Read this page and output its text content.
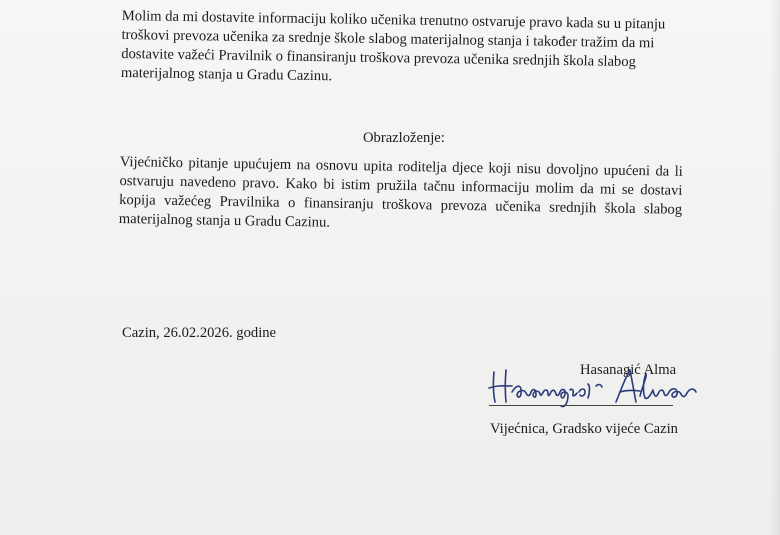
Molim da mi dostavite informaciju koliko učenika trenutno ostvaruje pravo kada su u pitanju troškovi prevoza učenika za srednje škole slabog materijalnog stanja i također tražim da mi dostavite važeći Pravilnik o finansiranju troškova prevoza učenika srednjih škola slabog materijalnog stanja u Gradu Cazinu.

Obrazloženje:

Vijećničko pitanje upućujem na osnovu upita roditelja djece koji nisu dovoljno upućeni da li ostvaruju navedeno pravo. Kako bi istim pružila tačnu informaciju molim da mi se dostavi kopija važećeg Pravilnika o finansiranju troškova prevoza učenika srednjih škola slabog materijalnog stanja u Gradu Cazinu.

Cazin, 26.02.2026. godine
Hasanagić Alma
Vijećnica, Gradsko vijeće Cazin
